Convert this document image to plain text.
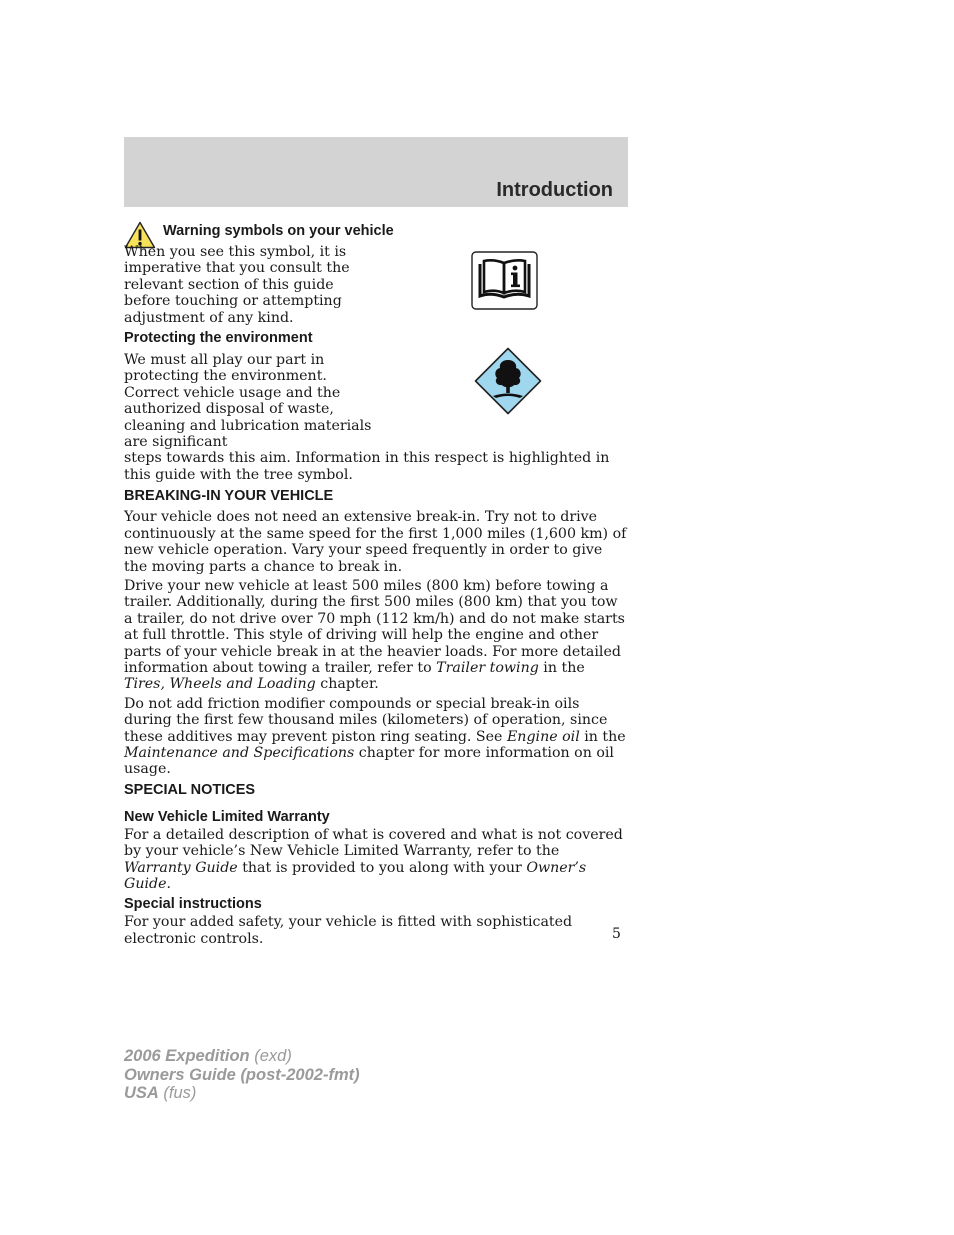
Introduction
Warning symbols on your vehicle

When you see this symbol, it is imperative that you consult the relevant section of this guide before touching or attempting adjustment of any kind.

Protecting the environment

We must all play our part in protecting the environment. Correct vehicle usage and the authorized disposal of waste, cleaning and lubrication materials are significant

steps towards this aim. Information in this respect is highlighted in this guide with the tree symbol.

BREAKING-IN YOUR VEHICLE

Your vehicle does not need an extensive break-in. Try not to drive continuously at the same speed for the first 1,000 miles (1,600 km) of new vehicle operation. Vary your speed frequently in order to give the moving parts a chance to break in.

Drive your new vehicle at least 500 miles (800 km) before towing a trailer. Additionally, during the first 500 miles (800 km) that you tow a trailer, do not drive over 70 mph (112 km/h) and do not make starts at full throttle. This style of driving will help the engine and other parts of your vehicle break in at the heavier loads. For more detailed information about towing a trailer, refer to Trailer towing in the Tires, Wheels and Loading chapter.

Do not add friction modifier compounds or special break-in oils during the first few thousand miles (kilometers) of operation, since these additives may prevent piston ring seating. See Engine oil in the Maintenance and Specifications chapter for more information on oil usage.

SPECIAL NOTICES
New Vehicle Limited Warranty

For a detailed description of what is covered and what is not covered by your vehicle’s New Vehicle Limited Warranty, refer to the Warranty Guide that is provided to you along with your Owner’s Guide.

Special instructions

For your added safety, your vehicle is fitted with sophisticated electronic controls.	5
2006 Expedition (exd)
Owners Guide (post-2002-fmt)
USA (fus)
